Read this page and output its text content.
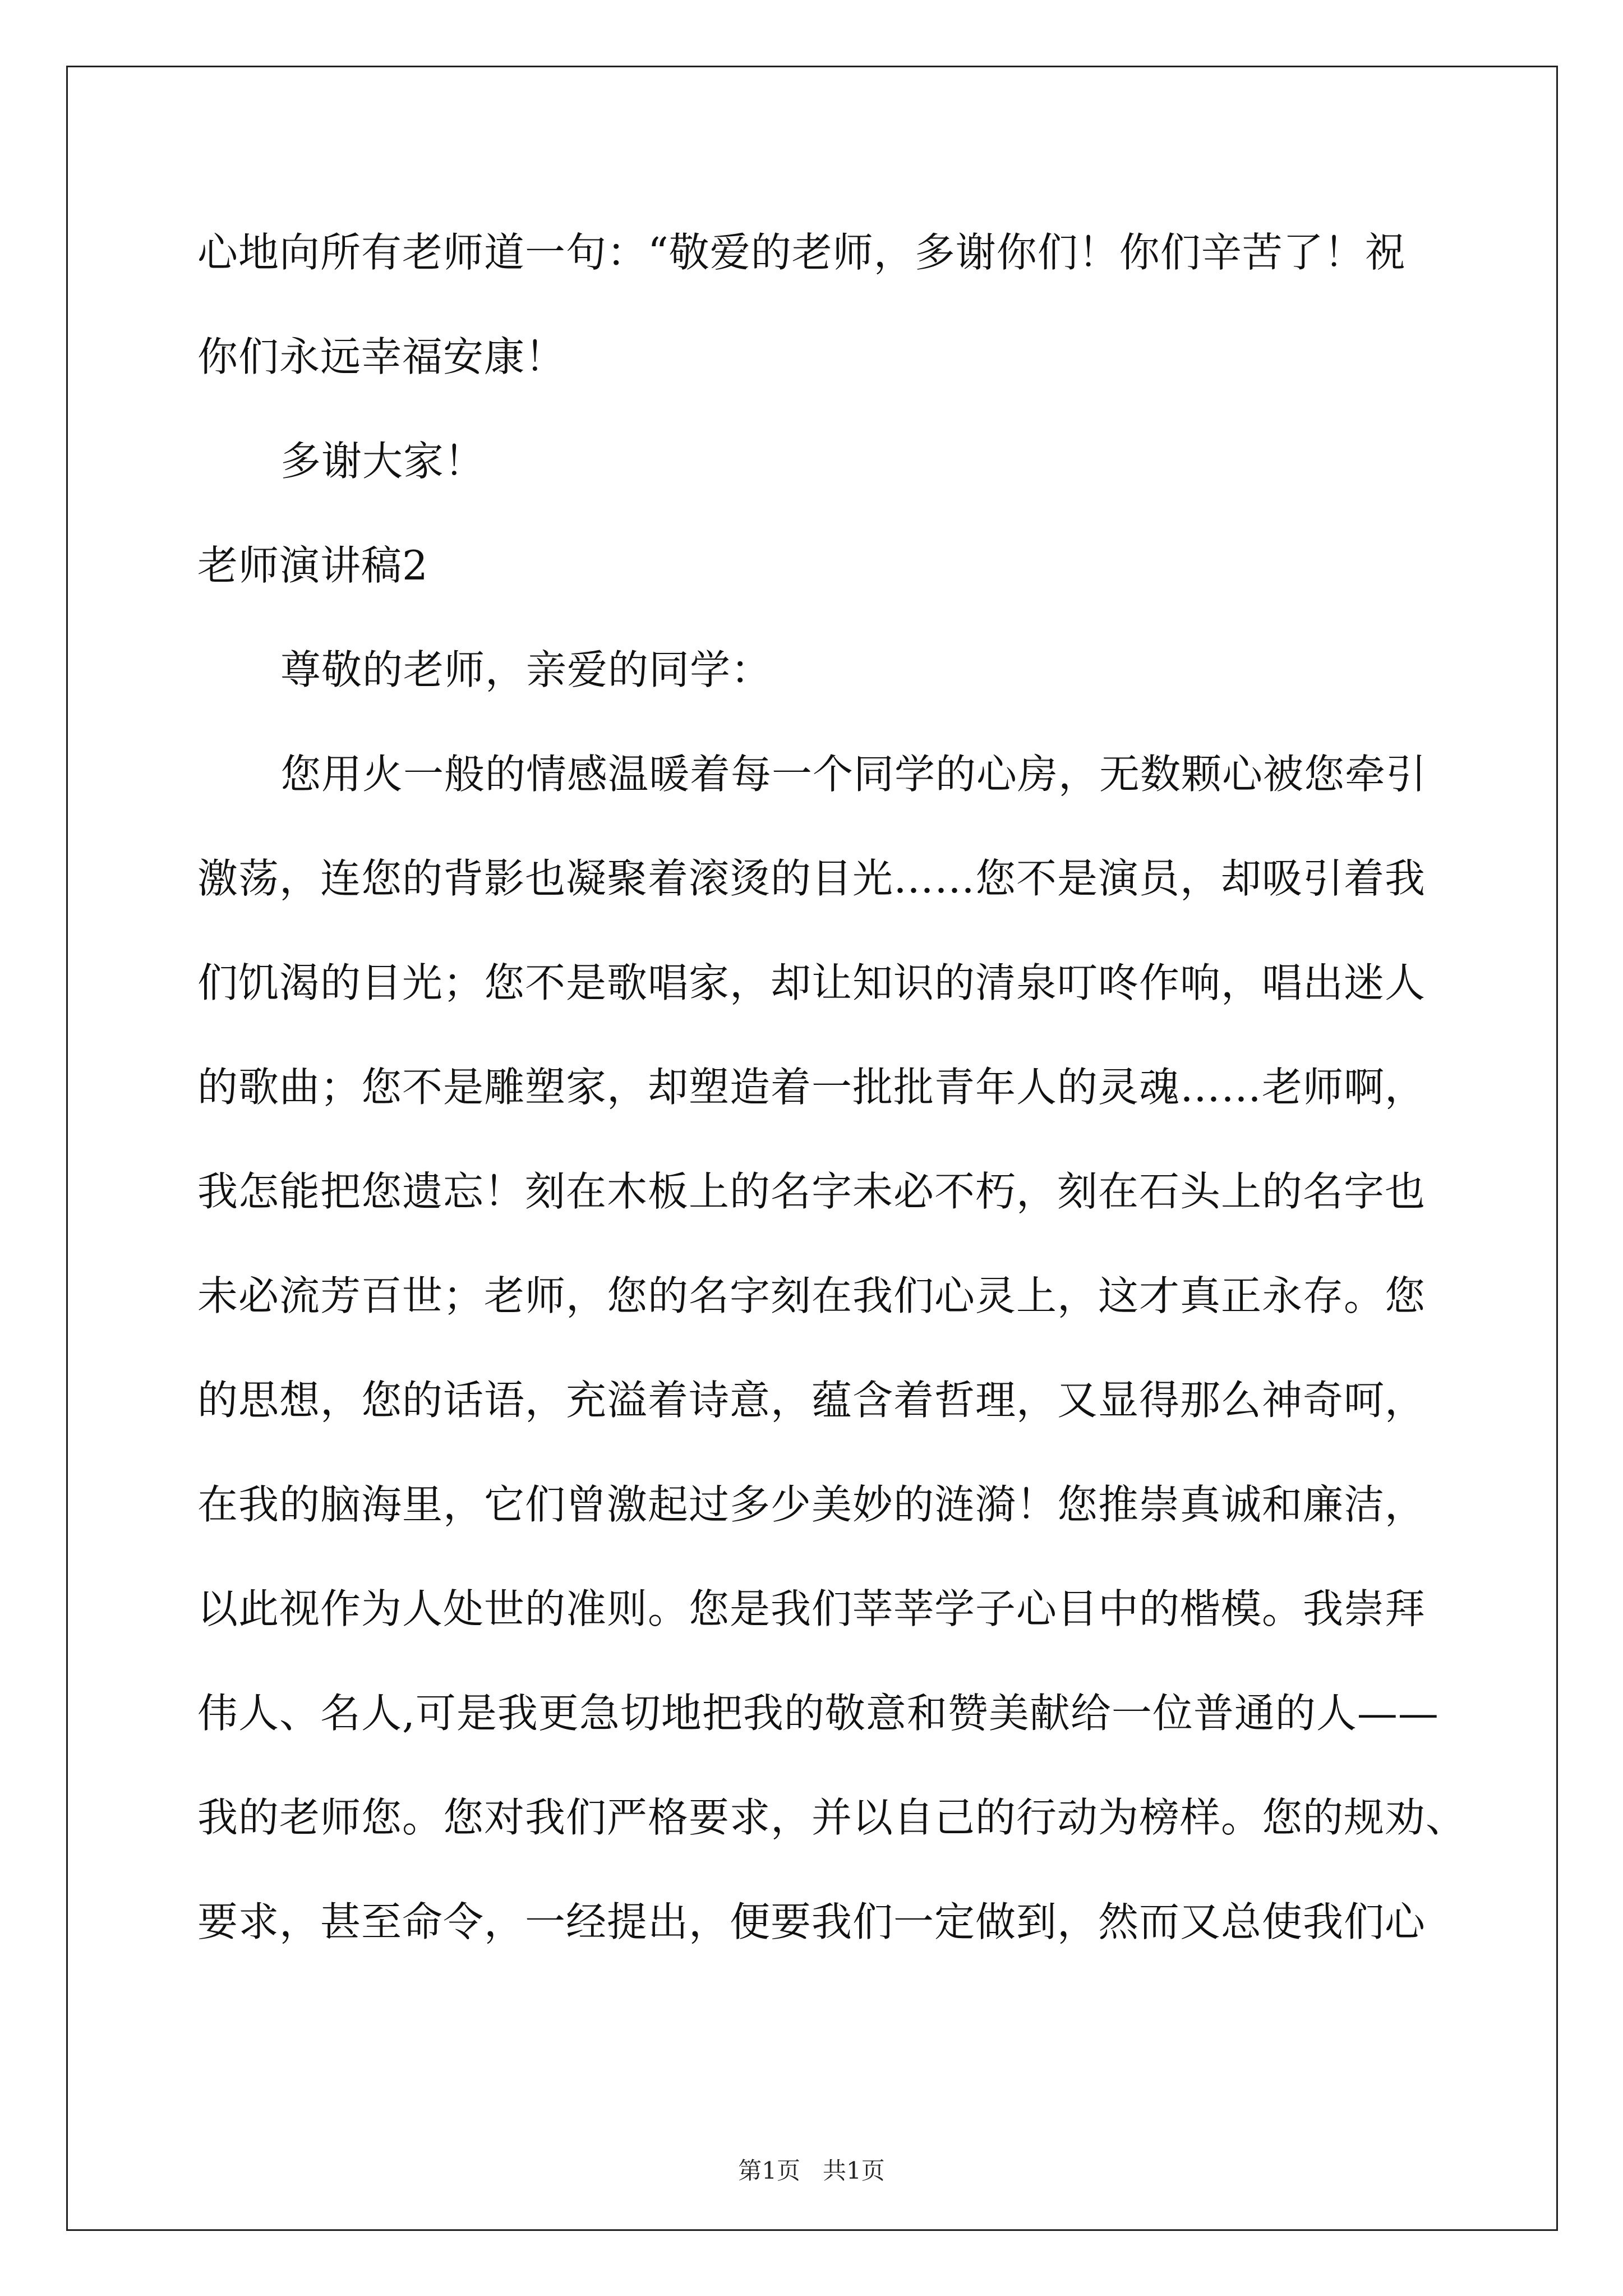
心地向所有老师道一句：“敬爱的老师，多谢你们！你们辛苦了！祝
你们永远幸福安康！
多谢大家！
老师演讲稿2
尊敬的老师，亲爱的同学：
您用火一般的情感温暖着每一个同学的心房，无数颗心被您牵引
激荡，连您的背影也凝聚着滚烫的目光……您不是演员，却吸引着我
们饥渴的目光；您不是歌唱家，却让知识的清泉叮咚作响，唱出迷人
的歌曲；您不是雕塑家，却塑造着一批批青年人的灵魂……老师啊，
我怎能把您遗忘！刻在木板上的名字未必不朽，刻在石头上的名字也
未必流芳百世；老师，您的名字刻在我们心灵上，这才真正永存。您
的思想，您的话语，充溢着诗意，蕴含着哲理，又显得那么神奇呵，
在我的脑海里，它们曾激起过多少美妙的涟漪！您推崇真诚和廉洁，
以此视作为人处世的准则。您是我们莘莘学子心目中的楷模。我崇拜
伟人、名人,可是我更急切地把我的敬意和赞美献给一位普通的人——
我的老师您。您对我们严格要求，并以自己的行动为榜样。您的规劝、
要求，甚至命令，一经提出，便要我们一定做到，然而又总使我们心
第1页   共1页
